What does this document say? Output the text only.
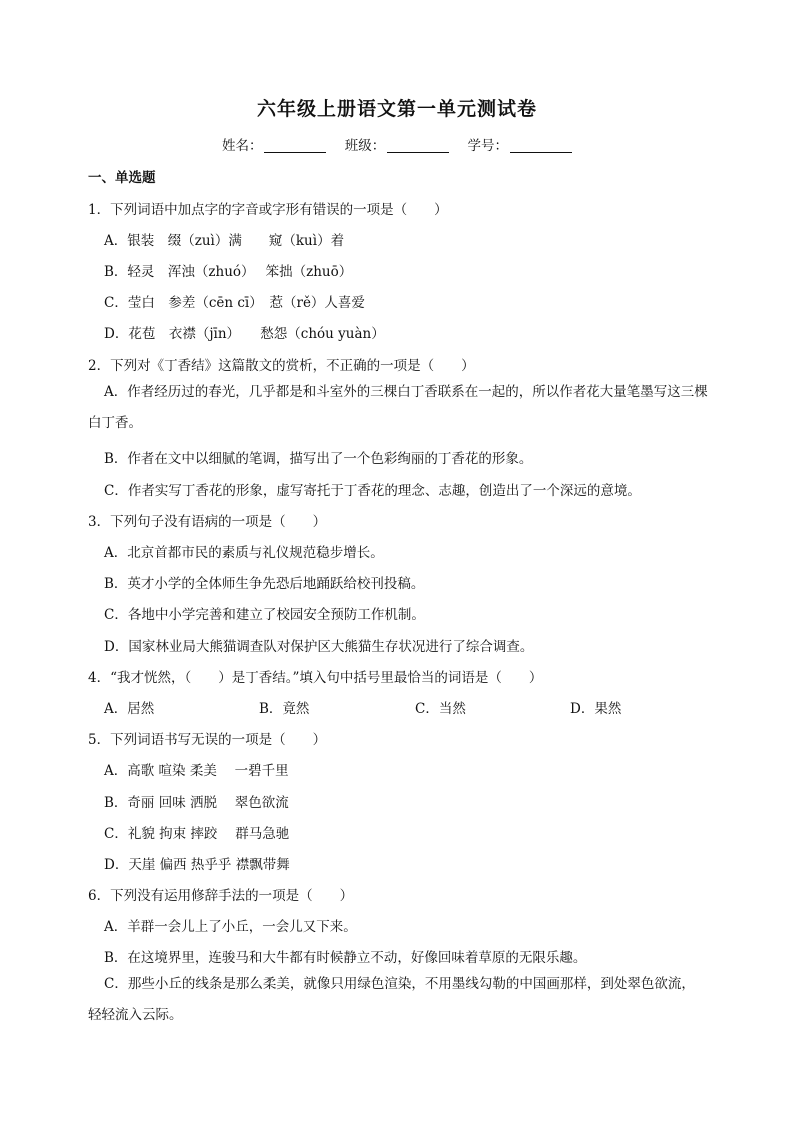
六年级上册语文第一单元测试卷
姓名：	班级：	学号：
一、单选题
1．下列词语中加点字的字音或字形有错误的一项是（　　）
A．银装　缀（zuì）满　　窥（kuì）着
B．轻灵　浑浊（zhuó）　 笨拙（zhuō）
C．莹白　参差（cēn cī）　惹（rě）人喜爱
D．花苞　衣襟（jīn）　　愁怨（chóu yuàn）
2．下列对《丁香结》这篇散文的赏析，不正确的一项是（　　）
A．作者经历过的春光，几乎都是和斗室外的三棵白丁香联系在一起的，所以作者花大量笔墨写这三棵白丁香。
B．作者在文中以细腻的笔调，描写出了一个色彩绚丽的丁香花的形象。
C．作者实写丁香花的形象，虚写寄托于丁香花的理念、志趣，创造出了一个深远的意境。
3．下列句子没有语病的一项是（　　）
A．北京首都市民的素质与礼仪规范稳步增长。
B．英才小学的全体师生争先恐后地踊跃给校刊投稿。
C．各地中小学完善和建立了校园安全预防工作机制。
D．国家林业局大熊猫调查队对保护区大熊猫生存状况进行了综合调查。
4．“我才恍然，（　　）是丁香结。”填入句中括号里最恰当的词语是（　　）
A．居然	B．竟然	C．当然	D．果然
5．下列词语书写无误的一项是（　　）
A．高歌 喧染 柔美　 一碧千里
B．奇丽 回味 洒脱　 翠色欲流
C．礼貌 拘束 摔跤　 群马急驰
D．天崖 偏西 热乎乎 襟飘带舞
6．下列没有运用修辞手法的一项是（　　）
A．羊群一会儿上了小丘，一会儿又下来。
B．在这境界里，连骏马和大牛都有时候静立不动，好像回味着草原的无限乐趣。
C．那些小丘的线条是那么柔美，就像只用绿色渲染，不用墨线勾勒的中国画那样，到处翠色欲流，轻轻流入云际。
